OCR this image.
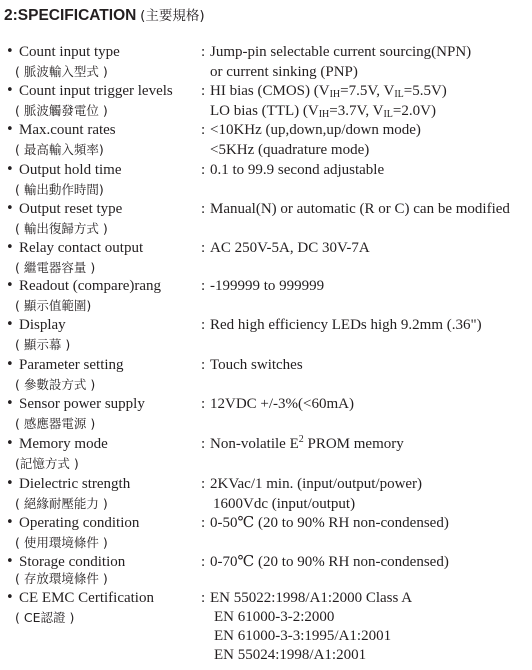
2:SPECIFICATION (主要規格)
• Count input type
( 脈波輸入型式 )
: Jump-pin selectable current sourcing(NPN)
or current sinking (PNP)
• Count input trigger levels
( 脈波觸發電位 )
: HI bias (CMOS) ($V_{IH}=7.5V$, $V_{IL}=5.5V$)
LO bias (TTL) ($V_{IH}=3.7V$, $V_{IL}=2.0V$)
• Max.count rates
( 最高輸入頻率)
: <10KHz (up,down,up/down mode)
<5KHz (quadrature mode)
• Output hold time
( 輸出動作時間)
: 0.1 to 99.9 second adjustable
• Output reset type
( 輸出復歸方式 )
: Manual(N) or automatic (R or C) can be modified
• Relay contact output
( 繼電器容量 )
: AC 250V-5A, DC 30V-7A
• Readout (compare)rang
( 顯示值範圍)
: -199999 to 999999
• Display
( 顯示幕 )
: Red high efficiency LEDs high 9.2mm (.36")
• Parameter setting
( 參數設方式 )
: Touch switches
• Sensor power supply
( 感應器電源 )
: 12VDC +/-3%(<60mA)
• Memory mode
(記憶方式 )
: Non-volatile $E^2$ PROM memory
• Dielectric strength
( 絕緣耐壓能力 )
: 2KVac/1 min. (input/output/power)
1600Vdc (input/output)
• Operating condition
( 使用環境條件 )
: 0-50℃ (20 to 90% RH non-condensed)
• Storage condition
( 存放環境條件 )
: 0-70℃ (20 to 90% RH non-condensed)
• CE EMC Certification
( CE認證 )
: EN 55022:1998/A1:2000 Class A
EN 61000-3-2:2000
EN 61000-3-3:1995/A1:2001
EN 55024:1998/A1:2001
